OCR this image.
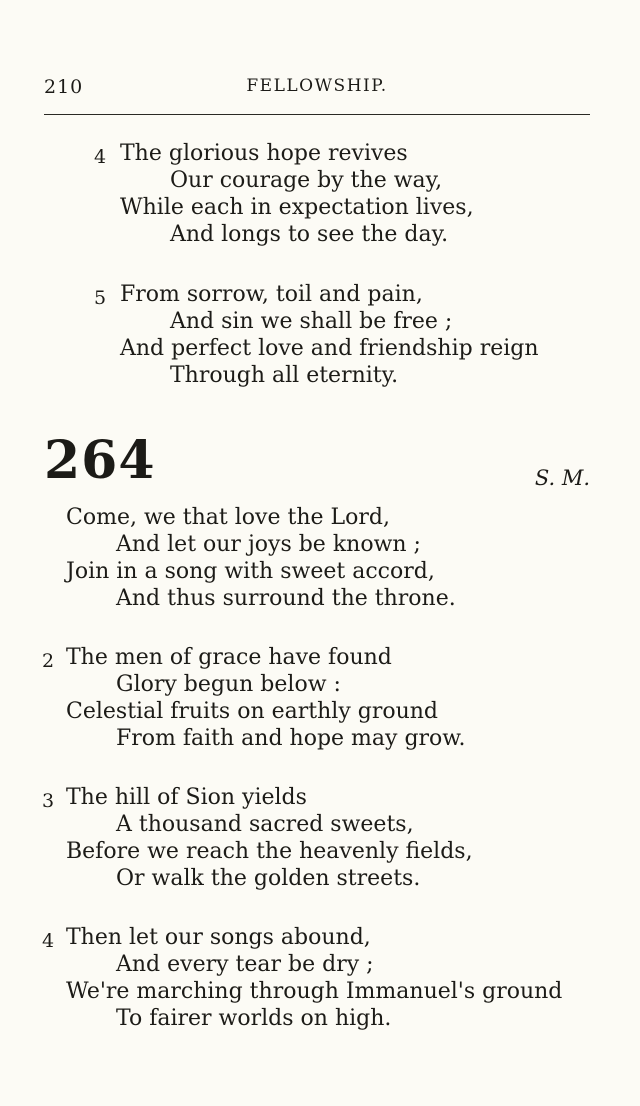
210	FELLOWSHIP.
4 The glorious hope revives
Our courage by the way,
While each in expectation lives,
And longs to see the day.
5 From sorrow, toil and pain,
And sin we shall be free ;
And perfect love and friendship reign
Through all eternity.
264	S. M.
Come, we that love the Lord,
And let our joys be known ;
Join in a song with sweet accord,
And thus surround the throne.
2 The men of grace have found
Glory begun below :
Celestial fruits on earthly ground
From faith and hope may grow.
3 The hill of Sion yields
A thousand sacred sweets,
Before we reach the heavenly fields,
Or walk the golden streets.
4 Then let our songs abound,
And every tear be dry ;
We're marching through Immanuel's ground
To fairer worlds on high.
